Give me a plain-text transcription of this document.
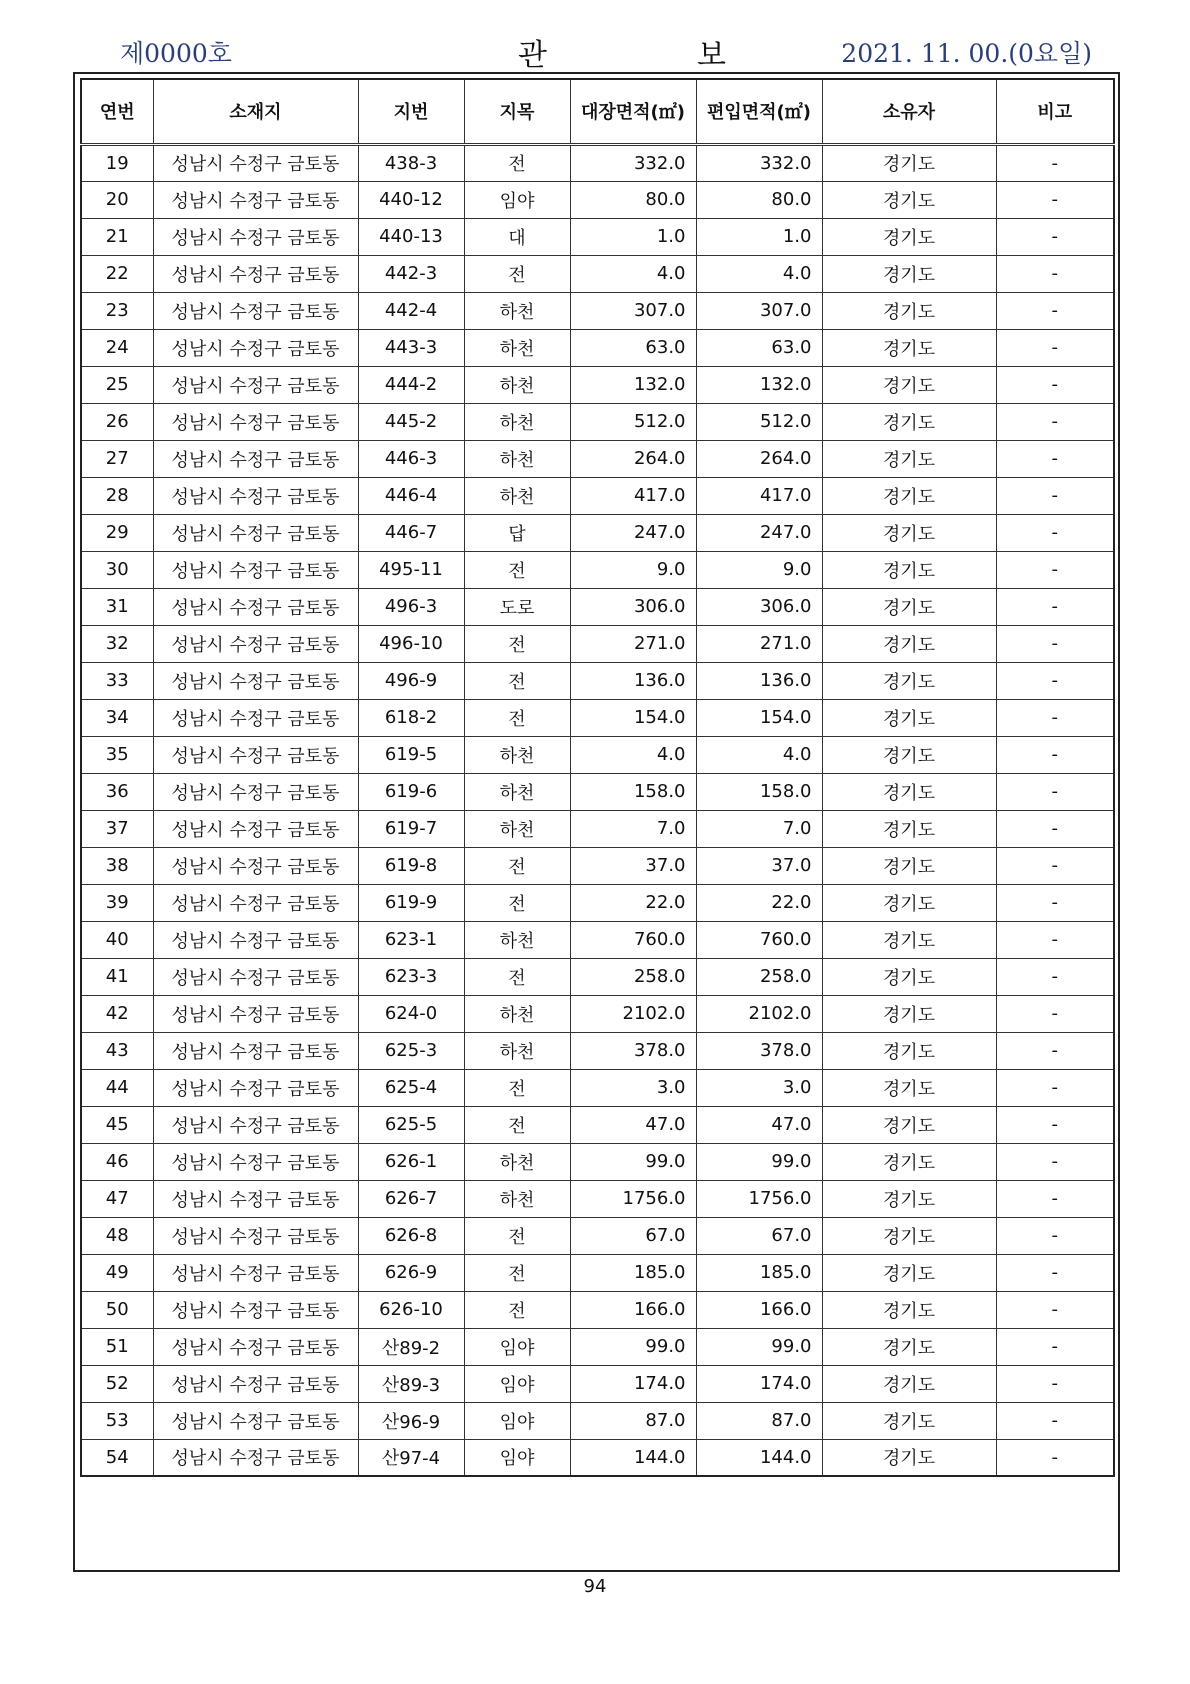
제0000호	관보
2021. 11. 00.(0요일)
연번	소재지	지번	지목	대장면적(㎡)	편입면적(㎡)	소유자	비고
19	성남시 수정구 금토동	438-3	전	332.0	332.0	경기도	-
20	성남시 수정구 금토동	440-12	임야	80.0	80.0	경기도	-
21	성남시 수정구 금토동	440-13	대	1.0	1.0	경기도	-
22	성남시 수정구 금토동	442-3	전	4.0	4.0	경기도	-
23	성남시 수정구 금토동	442-4	하천	307.0	307.0	경기도	-
24	성남시 수정구 금토동	443-3	하천	63.0	63.0	경기도	-
25	성남시 수정구 금토동	444-2	하천	132.0	132.0	경기도	-
26	성남시 수정구 금토동	445-2	하천	512.0	512.0	경기도	-
27	성남시 수정구 금토동	446-3	하천	264.0	264.0	경기도	-
28	성남시 수정구 금토동	446-4	하천	417.0	417.0	경기도	-
29	성남시 수정구 금토동	446-7	답	247.0	247.0	경기도	-
30	성남시 수정구 금토동	495-11	전	9.0	9.0	경기도	-
31	성남시 수정구 금토동	496-3	도로	306.0	306.0	경기도	-
32	성남시 수정구 금토동	496-10	전	271.0	271.0	경기도	-
33	성남시 수정구 금토동	496-9	전	136.0	136.0	경기도	-
34	성남시 수정구 금토동	618-2	전	154.0	154.0	경기도	-
35	성남시 수정구 금토동	619-5	하천	4.0	4.0	경기도	-
36	성남시 수정구 금토동	619-6	하천	158.0	158.0	경기도	-
37	성남시 수정구 금토동	619-7	하천	7.0	7.0	경기도	-
38	성남시 수정구 금토동	619-8	전	37.0	37.0	경기도	-
39	성남시 수정구 금토동	619-9	전	22.0	22.0	경기도	-
40	성남시 수정구 금토동	623-1	하천	760.0	760.0	경기도	-
41	성남시 수정구 금토동	623-3	전	258.0	258.0	경기도	-
42	성남시 수정구 금토동	624-0	하천	2102.0	2102.0	경기도	-
43	성남시 수정구 금토동	625-3	하천	378.0	378.0	경기도	-
44	성남시 수정구 금토동	625-4	전	3.0	3.0	경기도	-
45	성남시 수정구 금토동	625-5	전	47.0	47.0	경기도	-
46	성남시 수정구 금토동	626-1	하천	99.0	99.0	경기도	-
47	성남시 수정구 금토동	626-7	하천	1756.0	1756.0	경기도	-
48	성남시 수정구 금토동	626-8	전	67.0	67.0	경기도	-
49	성남시 수정구 금토동	626-9	전	185.0	185.0	경기도	-
50	성남시 수정구 금토동	626-10	전	166.0	166.0	경기도	-
51	성남시 수정구 금토동	산89-2	임야	99.0	99.0	경기도	-
52	성남시 수정구 금토동	산89-3	임야	174.0	174.0	경기도	-
53	성남시 수정구 금토동	산96-9	임야	87.0	87.0	경기도	-
54	성남시 수정구 금토동	산97-4	임야	144.0	144.0	경기도	-
94
